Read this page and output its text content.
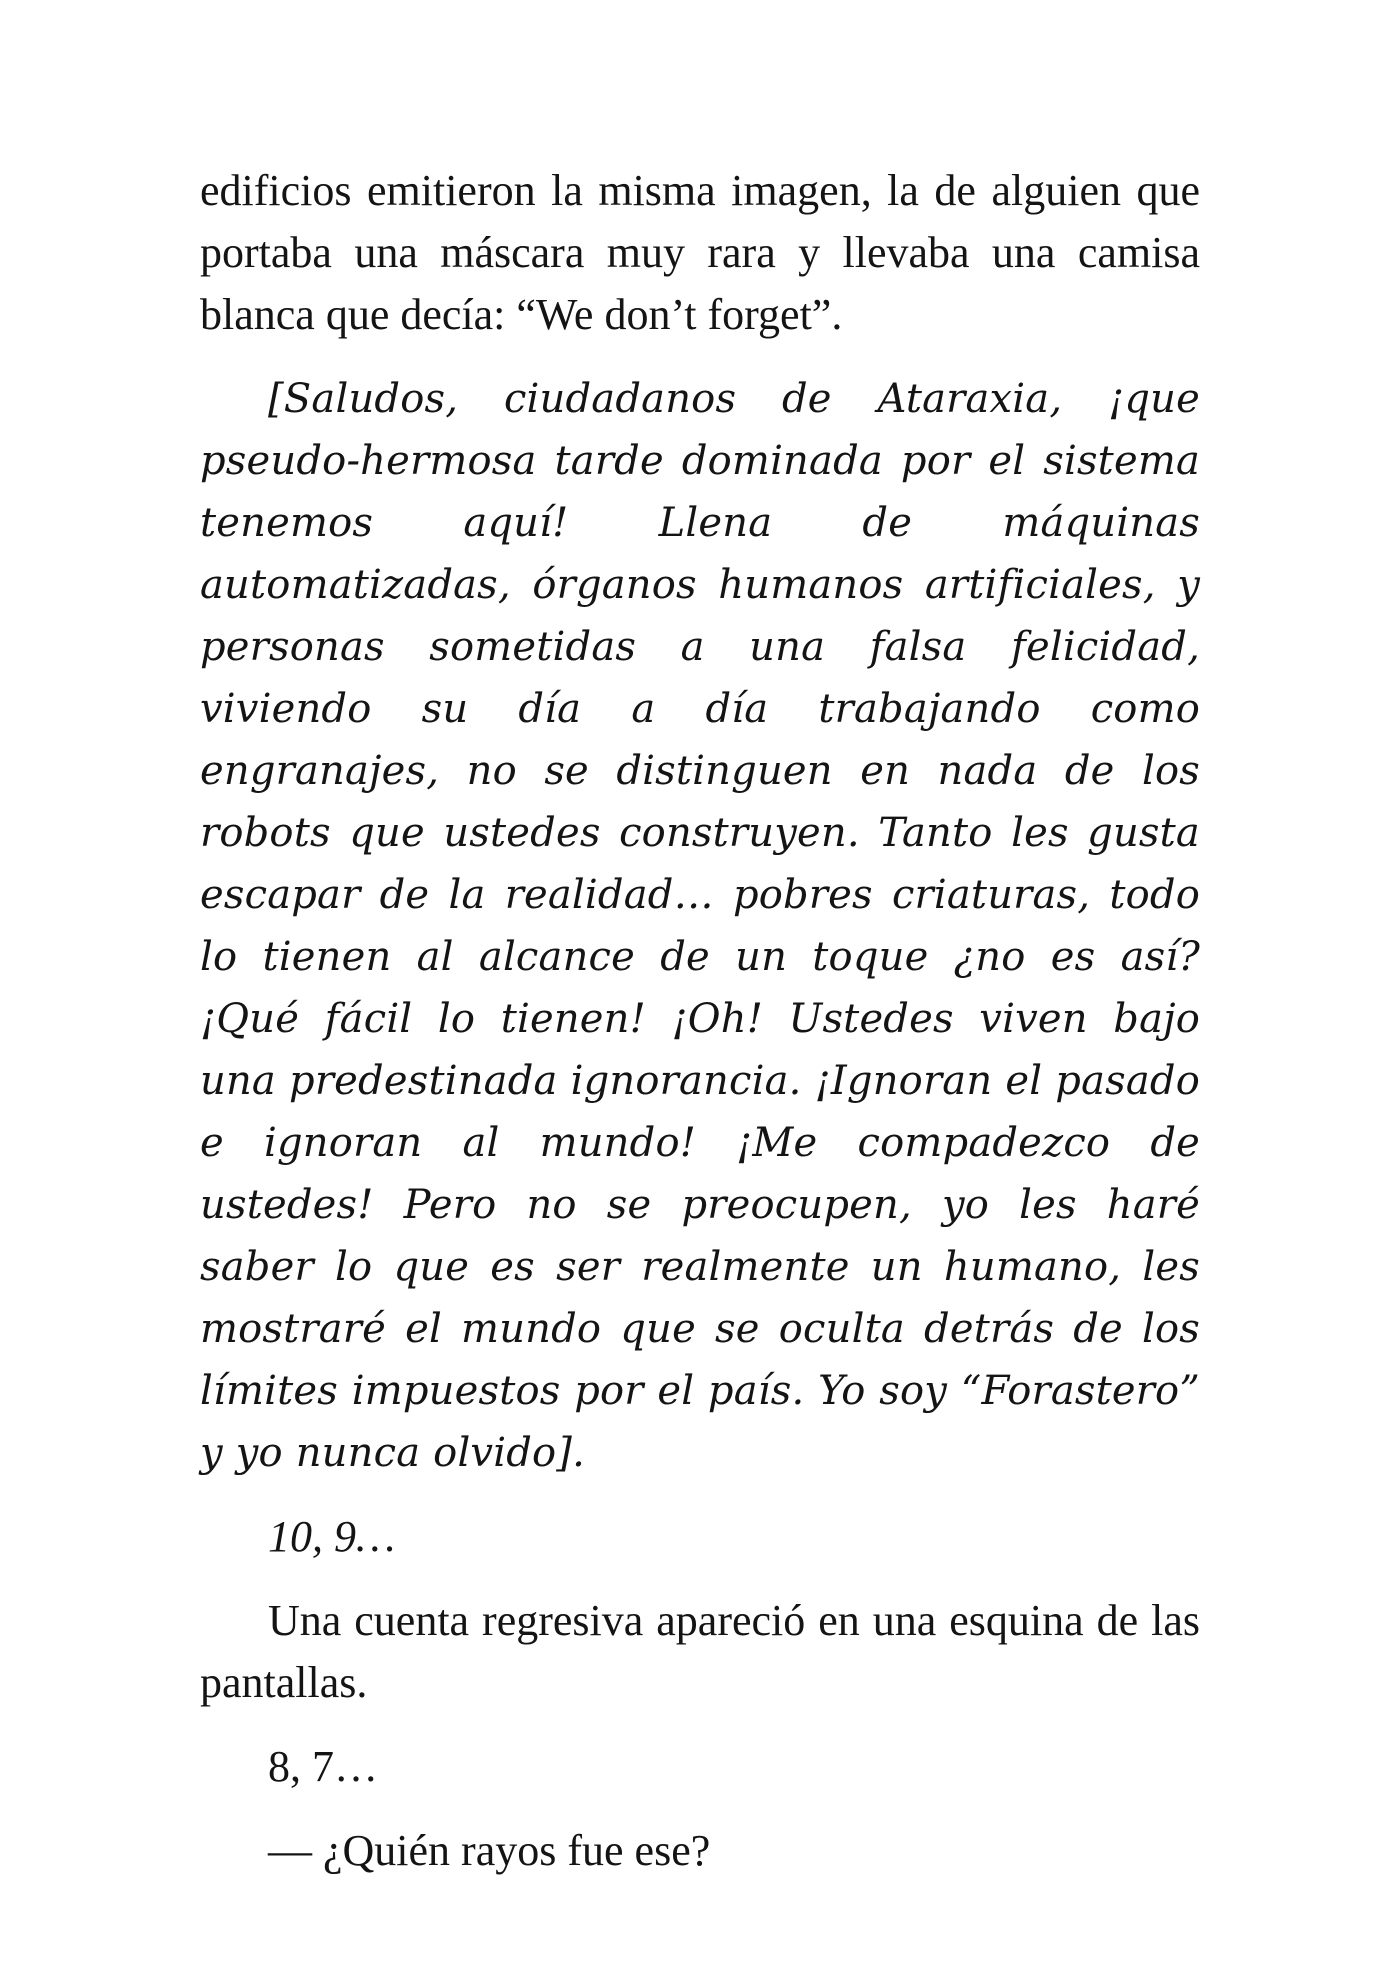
edificios emitieron la misma imagen, la de alguien que portaba una máscara muy rara y llevaba una camisa blanca que decía: “We don’t forget”.

[Saludos, ciudadanos de Ataraxia, ¡que pseudo-hermosa tarde dominada por el sistema tenemos aquí! Llena de máquinas automatizadas, órganos humanos artificiales, y personas sometidas a una falsa felicidad, viviendo su día a día trabajando como engranajes, no se distinguen en nada de los robots que ustedes construyen. Tanto les gusta escapar de la realidad… pobres criaturas, todo lo tienen al alcance de un toque ¿no es así? ¡Qué fácil lo tienen! ¡Oh! Ustedes viven bajo una predestinada ignorancia. ¡Ignoran el pasado e ignoran al mundo! ¡Me compadezco de ustedes! Pero no se preocupen, yo les haré saber lo que es ser realmente un humano, les mostraré el mundo que se oculta detrás de los límites impuestos por el país. Yo soy “Forastero” y yo nunca olvido].

10, 9…

Una cuenta regresiva apareció en una esquina de las pantallas.

8, 7…

— ¿Quién rayos fue ese?
